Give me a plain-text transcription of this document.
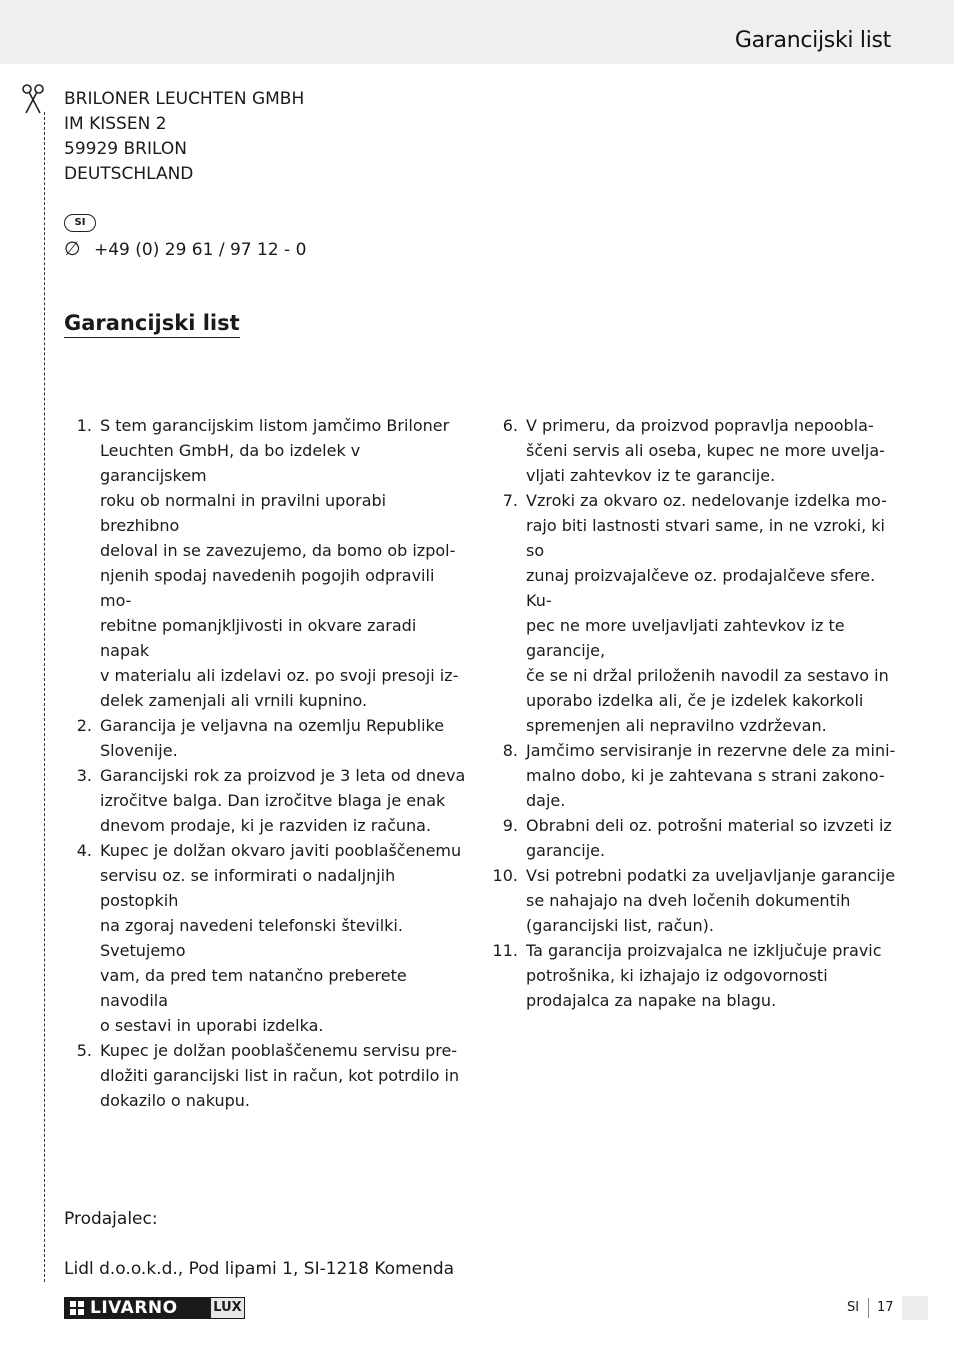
Garancijski list
BRILONER LEUCHTEN GMBH
IM KISSEN 2
59929 BRILON
DEUTSCHLAND
SI
∅ +49 (0) 29 61 / 97 12 - 0
Garancijski list
1. S tem garancijskim listom jamčimo Briloner
Leuchten GmbH, da bo izdelek v garancijskem
roku ob normalni in pravilni uporabi brezhibno
deloval in se zavezujemo, da bomo ob izpol-
njenih spodaj navedenih pogojih odpravili mo-
rebitne pomanjkljivosti in okvare zaradi napak
v materialu ali izdelavi oz. po svoji presoji iz-
delek zamenjali ali vrnili kupnino.
2. Garancija je veljavna na ozemlju Republike
Slovenije.
3. Garancijski rok za proizvod je 3 leta od dneva
izročitve balga. Dan izročitve blaga je enak
dnevom prodaje, ki je razviden iz računa.
4. Kupec je dolžan okvaro javiti pooblaščenemu
servisu oz. se informirati o nadaljnjih postopkih
na zgoraj navedeni telefonski številki. Svetujemo
vam, da pred tem natančno preberete navodila
o sestavi in uporabi izdelka.
5. Kupec je dolžan pooblaščenemu servisu pre-
dložiti garancijski list in račun, kot potrdilo in
dokazilo o nakupu.
6. V primeru, da proizvod popravlja nepoobla-
ščeni servis ali oseba, kupec ne more uvelja-
vljati zahtevkov iz te garancije.
7. Vzroki za okvaro oz. nedelovanje izdelka mo-
rajo biti lastnosti stvari same, in ne vzroki, ki so
zunaj proizvajalčeve oz. prodajalčeve sfere. Ku-
pec ne more uveljavljati zahtevkov iz te garancije,
če se ni držal priloženih navodil za sestavo in
uporabo izdelka ali, če je izdelek kakorkoli
spremenjen ali nepravilno vzdrževan.
8. Jamčimo servisiranje in rezervne dele za mini-
malno dobo, ki je zahtevana s strani zakono-
daje.
9. Obrabni deli oz. potrošni material so izvzeti iz
garancije.
10. Vsi potrebni podatki za uveljavljanje garancije
se nahajajo na dveh ločenih dokumentih
(garancijski list, račun).
11. Ta garancija proizvajalca ne izključuje pravic
potrošnika, ki izhajajo iz odgovornosti
prodajalca za napake na blagu.
Prodajalec:
Lidl d.o.o.k.d., Pod lipami 1, SI-1218 Komenda
LIVARNO	LUX	SI 17
